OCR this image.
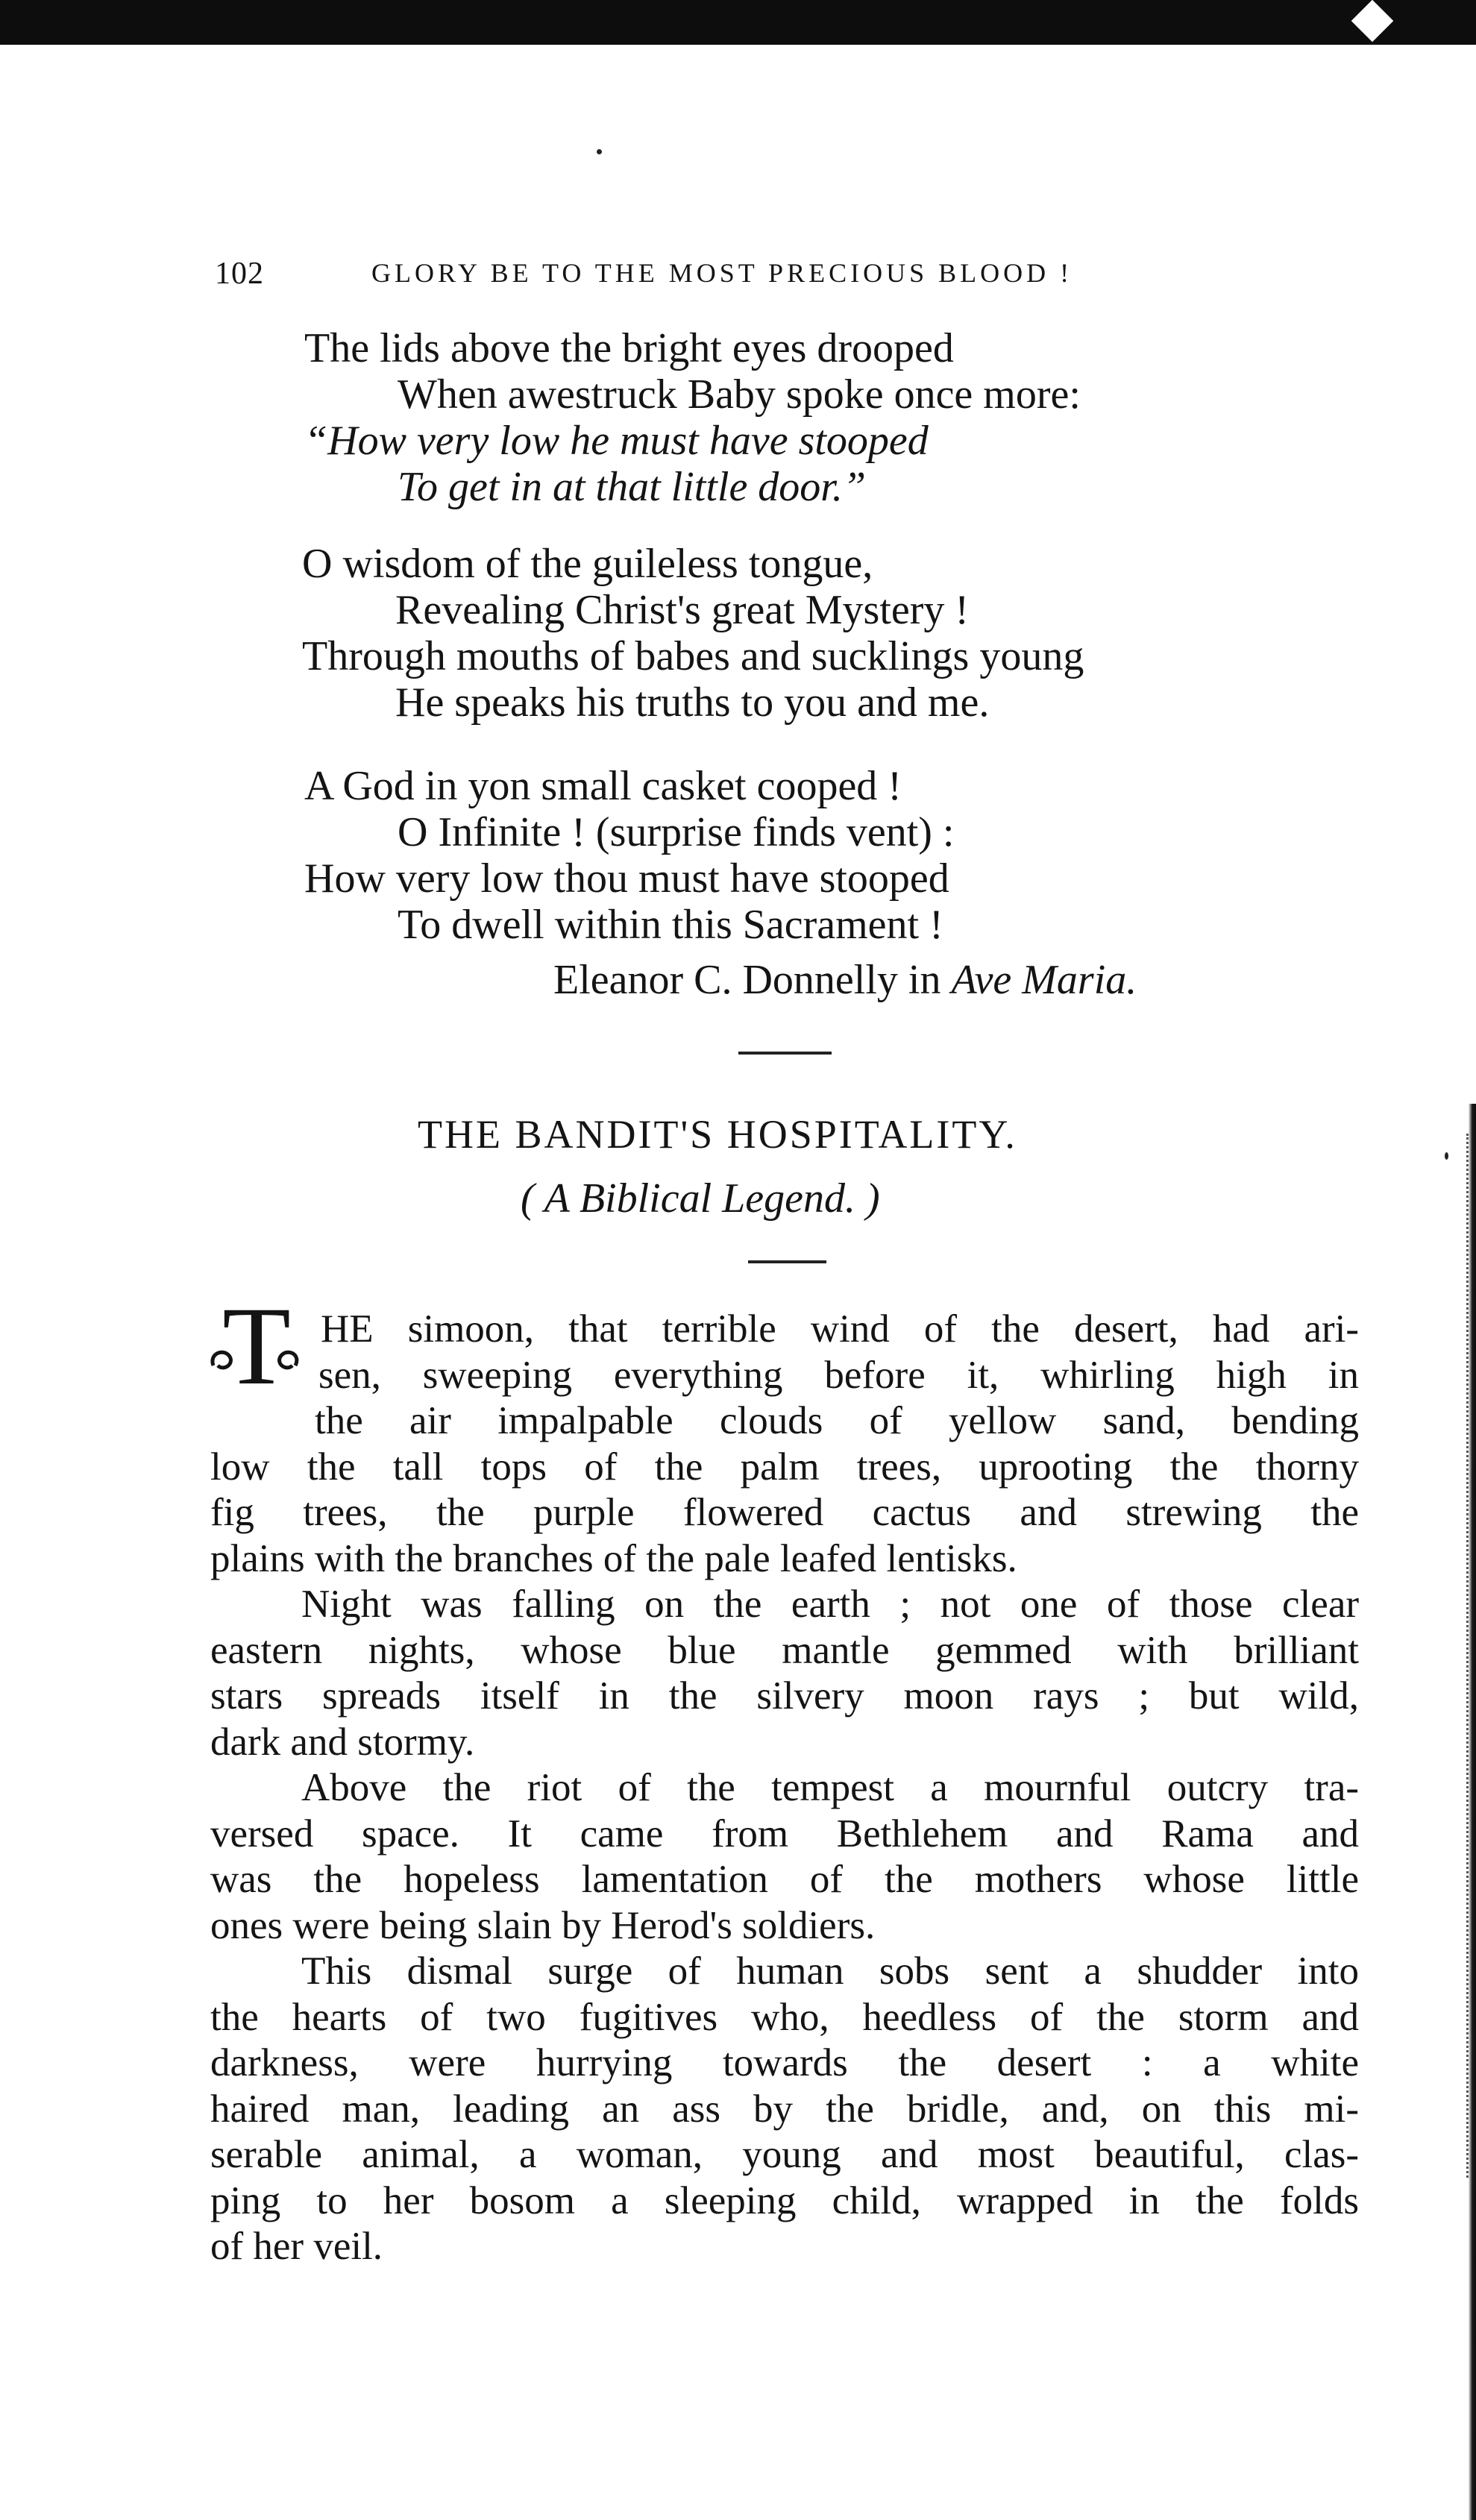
102	GLORY BE TO THE MOST PRECIOUS BLOOD !
The lids above the bright eyes drooped
When awestruck Baby spoke once more:
“How very low he must have stooped
To get in at that little door.”
O wisdom of the guileless tongue,
Revealing Christ's great Mystery !
Through mouths of babes and sucklings young
He speaks his truths to you and me.
A God in yon small casket cooped !
O Infinite ! (surprise finds vent) :
How very low thou must have stooped
To dwell within this Sacrament !
Eleanor C. Donnelly in Ave Maria.
THE BANDIT'S HOSPITALITY.
( A Biblical Legend. )
T HE simoon, that terrible wind of the desert, had ari-
sen, sweeping everything before it, whirling high in
the air impalpable clouds of yellow sand, bending
low the tall tops of the palm trees, uprooting the thorny
fig trees, the purple flowered cactus and strewing the
plains with the branches of the pale leafed lentisks.
Night was falling on the earth ; not one of those clear
eastern nights, whose blue mantle gemmed with brilliant
stars spreads itself in the silvery moon rays ; but wild,
dark and stormy.
Above the riot of the tempest a mournful outcry tra-
versed space. It came from Bethlehem and Rama and
was the hopeless lamentation of the mothers whose little
ones were being slain by Herod's soldiers.
This dismal surge of human sobs sent a shudder into
the hearts of two fugitives who, heedless of the storm and
darkness, were hurrying towards the desert : a white
haired man, leading an ass by the bridle, and, on this mi-
serable animal, a woman, young and most beautiful, clas-
ping to her bosom a sleeping child, wrapped in the folds
of her veil.
